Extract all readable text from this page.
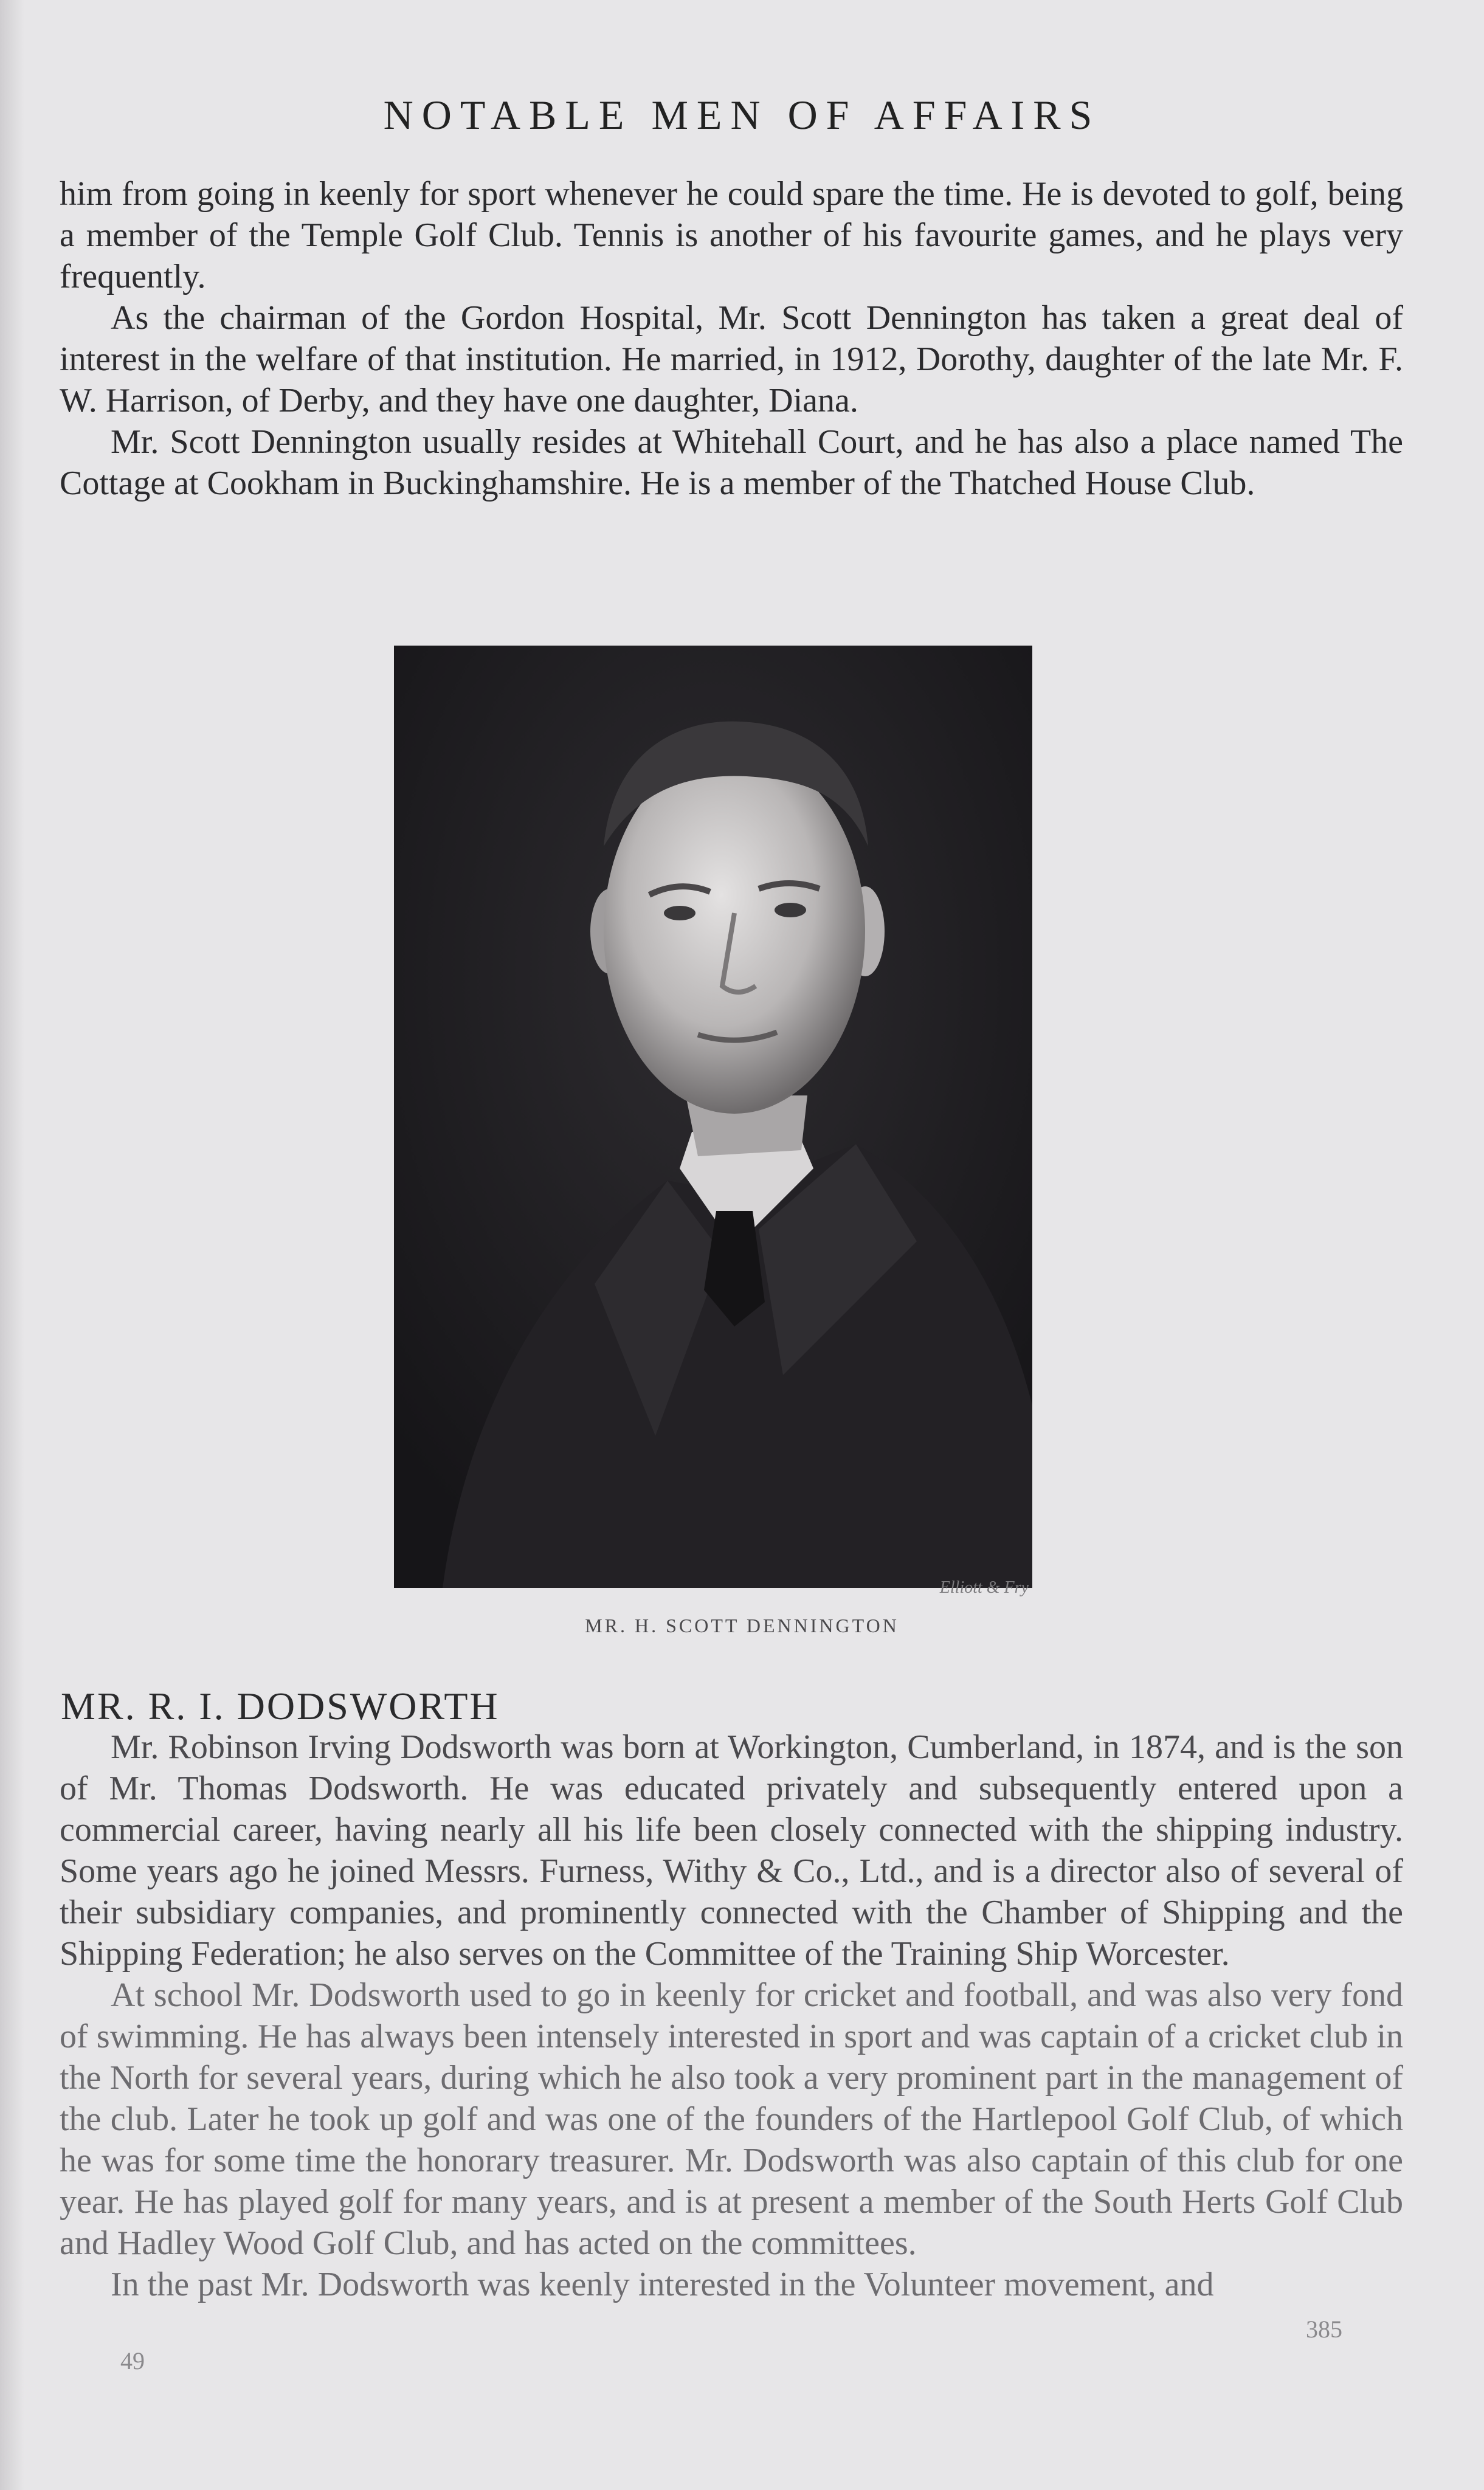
NOTABLE MEN OF AFFAIRS

him from going in keenly for sport whenever he could spare the time. He is devoted to golf, being a member of the Temple Golf Club. Tennis is another of his favourite games, and he plays very frequently.

As the chairman of the Gordon Hospital, Mr. Scott Dennington has taken a great deal of interest in the welfare of that institution. He married, in 1912, Dorothy, daughter of the late Mr. F. W. Harrison, of Derby, and they have one daughter, Diana.

Mr. Scott Dennington usually resides at Whitehall Court, and he has also a place named The Cottage at Cookham in Buckinghamshire. He is a member of the Thatched House Club.

Elliott & Fry
MR. H. SCOTT DENNINGTON
MR. R. I. DODSWORTH

Mr. Robinson Irving Dodsworth was born at Workington, Cumberland, in 1874, and is the son of Mr. Thomas Dodsworth. He was educated privately and subsequently entered upon a commercial career, having nearly all his life been closely connected with the shipping industry. Some years ago he joined Messrs. Furness, Withy & Co., Ltd., and is a director also of several of their subsidiary companies, and prominently connected with the Chamber of Shipping and the Shipping Federation; he also serves on the Committee of the Training Ship Worcester.

At school Mr. Dodsworth used to go in keenly for cricket and football, and was also very fond of swimming. He has always been intensely interested in sport and was captain of a cricket club in the North for several years, during which he also took a very prominent part in the management of the club. Later he took up golf and was one of the founders of the Hartlepool Golf Club, of which he was for some time the honorary treasurer. Mr. Dodsworth was also captain of this club for one year. He has played golf for many years, and is at present a member of the South Herts Golf Club and Hadley Wood Golf Club, and has acted on the committees.

In the past Mr. Dodsworth was keenly interested in the Volunteer movement, and

49
385
